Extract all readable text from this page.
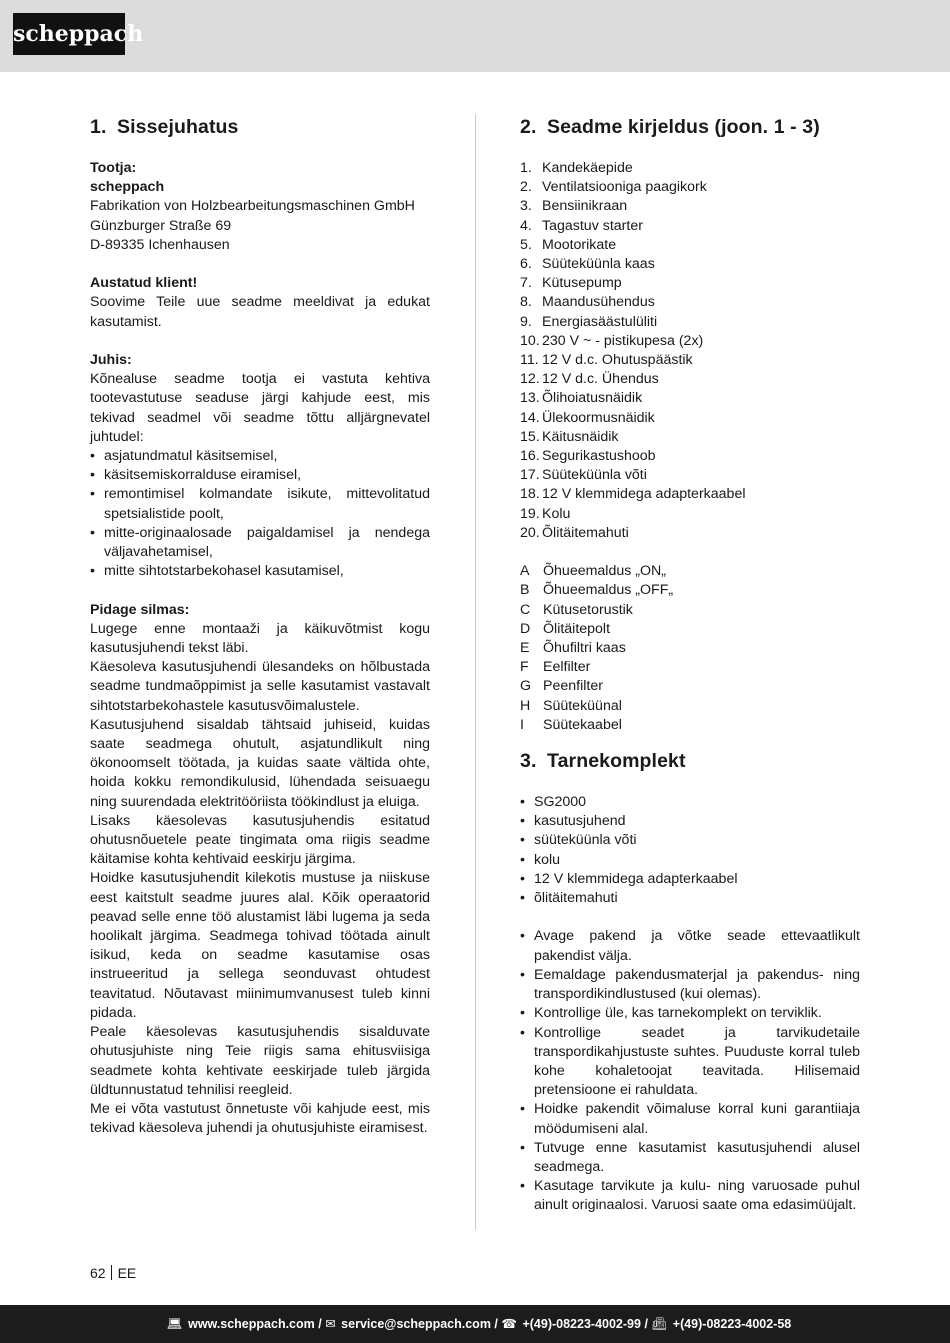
scheppach
1. Sissejuhatus
Tootja:
scheppach
Fabrikation von Holzbearbeitungsmaschinen GmbH
Günzburger Straße 69
D-89335 Ichenhausen
Austatud klient!

Soovime Teile uue seadme meeldivat ja edukat kasutamist.

Juhis:

Kõnealuse seadme tootja ei vastuta kehtiva tootevastutuse seaduse järgi kahjude eest, mis tekivad seadmel või seadme tõttu alljärgnevatel juhtudel:

• asjatundmatul käsitsemisel,
• käsitsemiskorralduse eiramisel,
• remontimisel kolmandate isikute, mittevolitatud spetsialistide poolt,
• mitte-originaalosade paigaldamisel ja nendega väljavahetamisel,
• mitte sihtotstarbekohasel kasutamisel,
Pidage silmas:

Lugege enne montaaži ja käikuvõtmist kogu kasutusjuhendi tekst läbi.

Käesoleva kasutusjuhendi ülesandeks on hõlbustada seadme tundmaõppimist ja selle kasutamist vastavalt sihtotstarbekohastele kasutusvõimalustele.

Kasutusjuhend sisaldab tähtsaid juhiseid, kuidas saate seadmega ohutult, asjatundlikult ning ökonoomselt töötada, ja kuidas saate vältida ohte, hoida kokku remondikulusid, lühendada seisuaegu ning suurendada elektritööriista töökindlust ja eluiga.

Lisaks käesolevas kasutusjuhendis esitatud ohutusnõuetele peate tingimata oma riigis seadme käitamise kohta kehtivaid eeskirju järgima.

Hoidke kasutusjuhendit kilekotis mustuse ja niiskuse eest kaitstult seadme juures alal. Kõik operaatorid peavad selle enne töö alustamist läbi lugema ja seda hoolikalt järgima. Seadmega tohivad töötada ainult isikud, keda on seadme kasutamise osas instrueeritud ja sellega seonduvast ohtudest teavitatud. Nõutavast miinimumvanusest tuleb kinni pidada.

Peale käesolevas kasutusjuhendis sisalduvate ohutusjuhiste ning Teie riigis sama ehitusviisiga seadmete kohta kehtivate eeskirjade tuleb järgida üldtunnustatud tehnilisi reegleid.

Me ei võta vastutust õnnetuste või kahjude eest, mis tekivad käesoleva juhendi ja ohutusjuhiste eiramisest.

2. Seadme kirjeldus (joon. 1 - 3)
1. Kandekäepide
2. Ventilatsiooniga paagikork
3. Bensiinikraan
4. Tagastuv starter
5. Mootorikate
6. Süüteküünla kaas
7. Kütusepump
8. Maandusühendus
9. Energiasäästulüliti
10. 230 V ~ - pistikupesa (2x)
11. 12 V d.c. Ohutuspäästik
12. 12 V d.c. Ühendus
13. Õlihoiatusnäidik
14. Ülekoormusnäidik
15. Käitusnäidik
16. Segurikastushoob
17. Süüteküünla võti
18. 12 V klemmidega adapterkaabel
19. Kolu
20. Õlitäitemahuti
A Õhueemaldus „ON„
B Õhueemaldus „OFF„
C Kütusetorustik
D Õlitäitepolt
E Õhufiltri kaas
F	Eelfilter
G Peenfilter
H Süüteküünal
I	Süütekaabel
3. Tarnekomplekt
• SG2000
• kasutusjuhend
• süüteküünla võti
• kolu
• 12 V klemmidega adapterkaabel
• õlitäitemahuti
• Avage pakend ja võtke seade ettevaatlikult pakendist välja.
• Eemaldage pakendusmaterjal ja pakendus- ning transpordikindlustused (kui olemas).
• Kontrollige üle, kas tarnekomplekt on terviklik.
• Kontrollige seadet ja tarvikudetaile transpordikahjustuste suhtes. Puuduste korral tuleb kohe kohaletoojat teavitada. Hilisemaid pretensioone ei rahuldata.
• Hoidke pakendit võimaluse korral kuni garantiiaja möödumiseni alal.
• Tutvuge enne kasutamist kasutusjuhendi alusel seadmega.
• Kasutage tarvikute ja kulu- ning varuosade puhul ainult originaalosi. Varuosi saate oma edasimüüjalt.
62 EE
💻︎ www.scheppach.com / ✉︎ service@scheppach.com / ☎︎ +(49)-08223-4002-99 / 📠︎ +(49)-08223-4002-58
